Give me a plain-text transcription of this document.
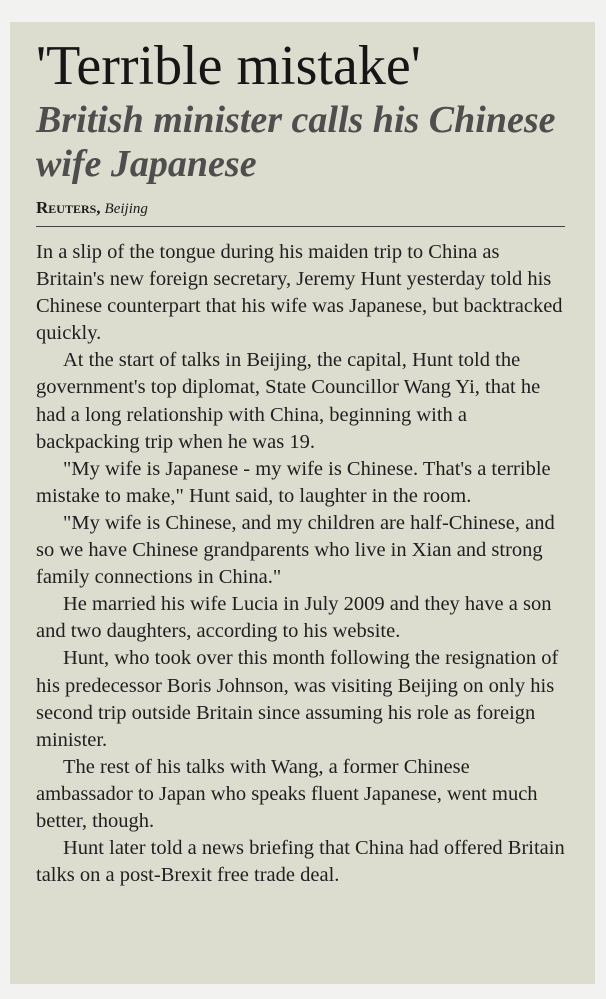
'Terrible mistake'
British minister calls his Chinese wife Japanese
Reuters, Beijing

In a slip of the tongue during his maiden trip to China as Britain's new foreign secretary, Jeremy Hunt yesterday told his Chinese counterpart that his wife was Japanese, but backtracked quickly.

At the start of talks in Beijing, the capital, Hunt told the government's top diplomat, State Councillor Wang Yi, that he had a long relationship with China, beginning with a backpacking trip when he was 19.

"My wife is Japanese - my wife is Chinese. That's a terrible mistake to make," Hunt said, to laughter in the room.

"My wife is Chinese, and my children are half-Chinese, and so we have Chinese grandparents who live in Xian and strong family connections in China."

He married his wife Lucia in July 2009 and they have a son and two daughters, according to his website.

Hunt, who took over this month following the resignation of his predecessor Boris Johnson, was visiting Beijing on only his second trip outside Britain since assuming his role as foreign minister.

The rest of his talks with Wang, a former Chinese ambassador to Japan who speaks fluent Japanese, went much better, though.

Hunt later told a news briefing that China had offered Britain talks on a post-Brexit free trade deal.
